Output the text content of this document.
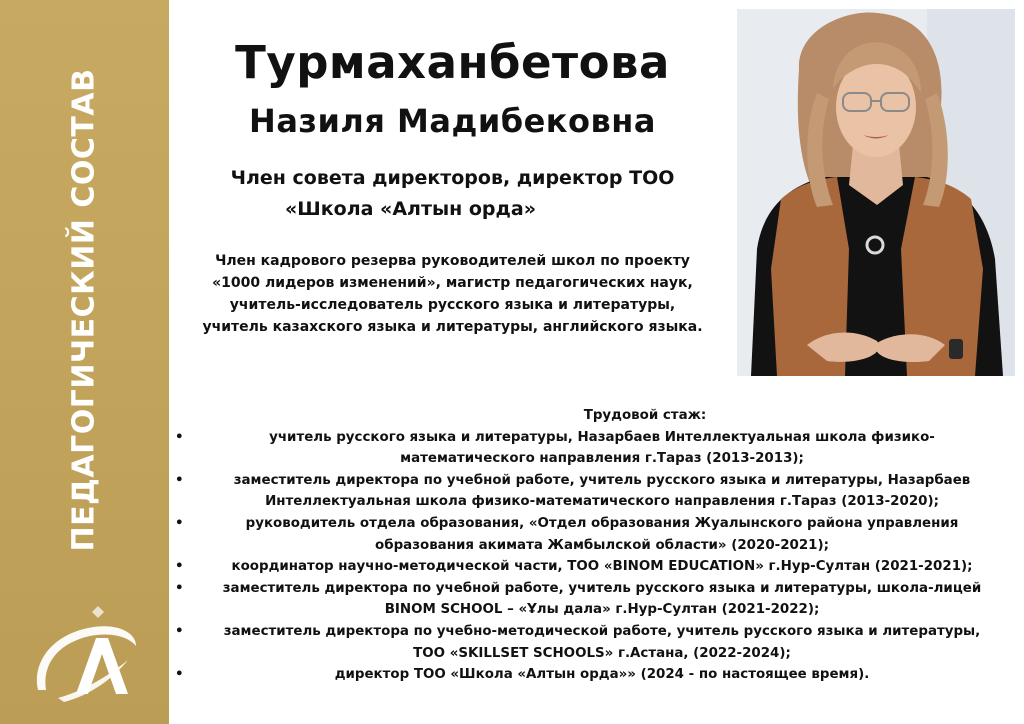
ПЕДАГОГИЧЕСКИЙ СОСТАВ
Турмаханбетова
Назиля Мадибековна
Член совета директоров, директор ТОО
«Школа «Алтын орда»
Член кадрового резерва руководителей школ по проекту
«1000 лидеров изменений», магистр педагогических наук,
учитель-исследователь русского языка и литературы,
учитель казахского языка и литературы, английского языка.
Трудовой стаж:
•	учитель русского языка и литературы, Назарбаев Интеллектуальная школа физико-
математического направления г.Тараз (2013-2013);
•	заместитель директора по учебной работе, учитель русского языка и литературы, Назарбаев
Интеллектуальная школа физико-математического направления г.Тараз (2013-2020);
•	руководитель отдела образования, «Отдел образования Жуалынского района управления
образования акимата Жамбылской области» (2020-2021);
•	координатор научно-методической части, ТОО «BINOM EDUCATION» г.Нур-Султан (2021-2021);
•	заместитель директора по учебной работе, учитель русского языка и литературы, школа-лицей
BINOM SCHOOL – «Ұлы дала» г.Нур-Султан (2021-2022);
•	заместитель директора по учебно-методической работе, учитель русского языка и литературы,
ТОО «SKILLSET SCHOOLS» г.Астана, (2022-2024);
•	директор ТОО «Школа «Алтын орда»» (2024 - по настоящее время).
